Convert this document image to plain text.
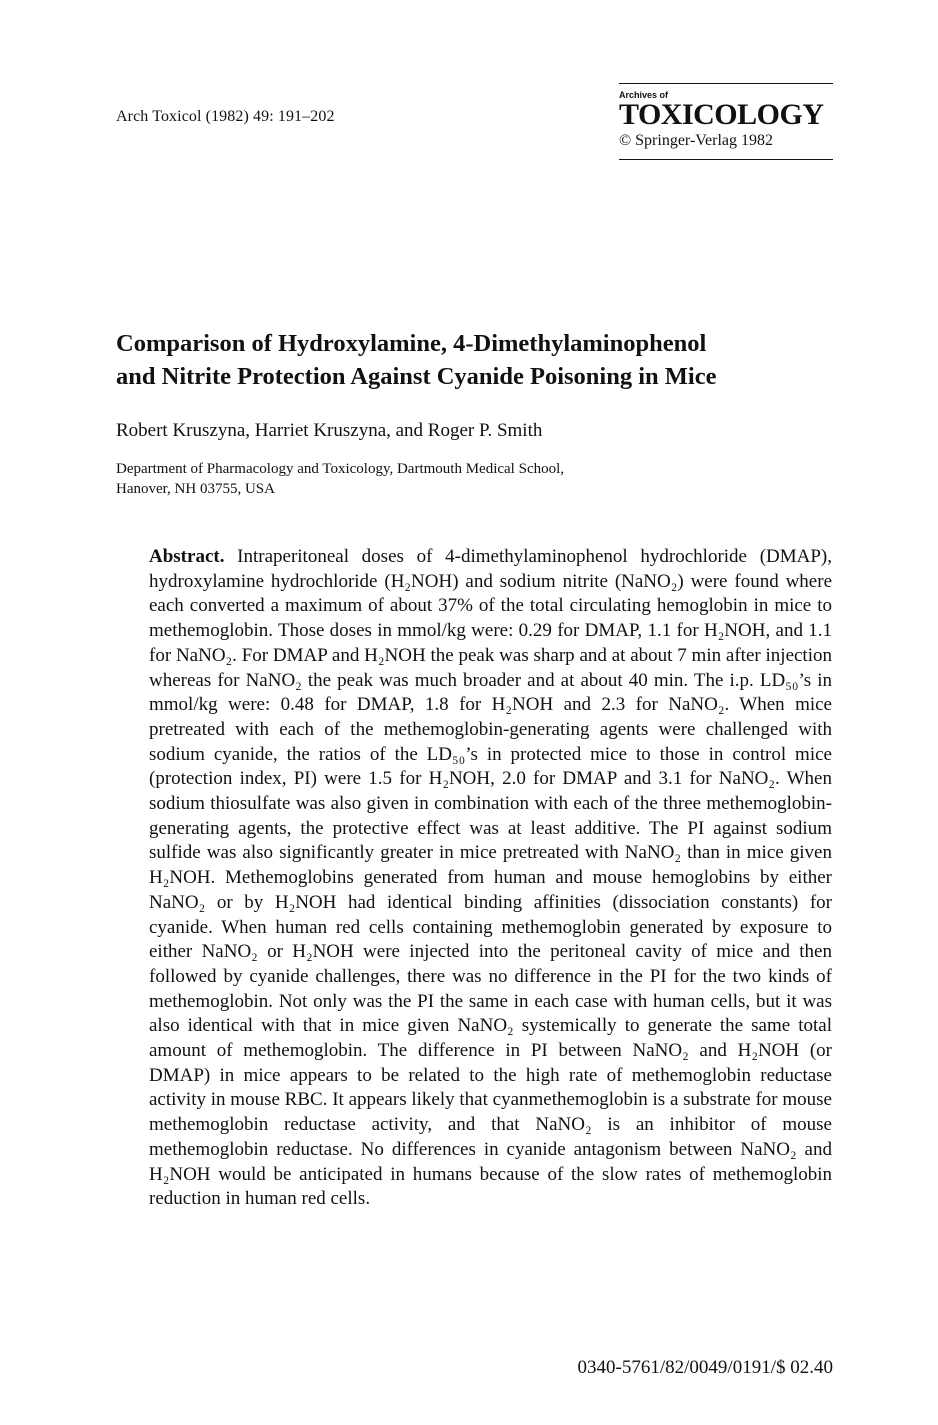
Arch Toxicol (1982) 49: 191–202
Archives of
TOXICOLOGY
© Springer-Verlag 1982
Comparison of Hydroxylamine, 4-Dimethylaminophenol
and Nitrite Protection Against Cyanide Poisoning in Mice
Robert Kruszyna, Harriet Kruszyna, and Roger P. Smith
Department of Pharmacology and Toxicology, Dartmouth Medical School,
Hanover, NH 03755, USA

Abstract. Intraperitoneal doses of 4-dimethylaminophenol hydrochloride (DMAP), hydroxylamine hydrochloride (H₂NOH) and sodium nitrite (NaNO₂) were found where each converted a maximum of about 37% of the total circulating hemoglobin in mice to methemoglobin. Those doses in mmol/kg were: 0.29 for DMAP, 1.1 for H₂NOH, and 1.1 for NaNO₂. For DMAP and H₂NOH the peak was sharp and at about 7 min after injection whereas for NaNO₂ the peak was much broader and at about 40 min. The i.p. LD₅₀’s in mmol/kg were: 0.48 for DMAP, 1.8 for H₂NOH and 2.3 for NaNO₂. When mice pretreated with each of the methemoglobin-generating agents were challenged with sodium cyanide, the ratios of the LD₅₀’s in protected mice to those in control mice (protection index, PI) were 1.5 for H₂NOH, 2.0 for DMAP and 3.1 for NaNO₂. When sodium thiosulfate was also given in combination with each of the three methemoglobin-generating agents, the protective effect was at least additive. The PI against sodium sulfide was also significantly greater in mice pretreated with NaNO₂ than in mice given H₂NOH. Methemoglobins generated from human and mouse hemoglobins by either NaNO₂ or by H₂NOH had identical binding affinities (dissociation constants) for cyanide. When human red cells containing methemoglobin generated by exposure to either NaNO₂ or H₂NOH were injected into the peritoneal cavity of mice and then followed by cyanide challenges, there was no difference in the PI for the two kinds of methemoglobin. Not only was the PI the same in each case with human cells, but it was also identical with that in mice given NaNO₂ systemically to generate the same total amount of methemoglobin. The difference in PI between NaNO₂ and H₂NOH (or DMAP) in mice appears to be related to the high rate of methemoglobin reductase activity in mouse RBC. It appears likely that cyanmethemoglobin is a substrate for mouse methemoglobin reductase activity, and that NaNO₂ is an inhibitor of mouse methemoglobin reductase. No differences in cyanide antagonism between NaNO₂ and H₂NOH would be anticipated in humans because of the slow rates of methemoglobin reduction in human red cells.

0340-5761/82/0049/0191/$ 02.40
